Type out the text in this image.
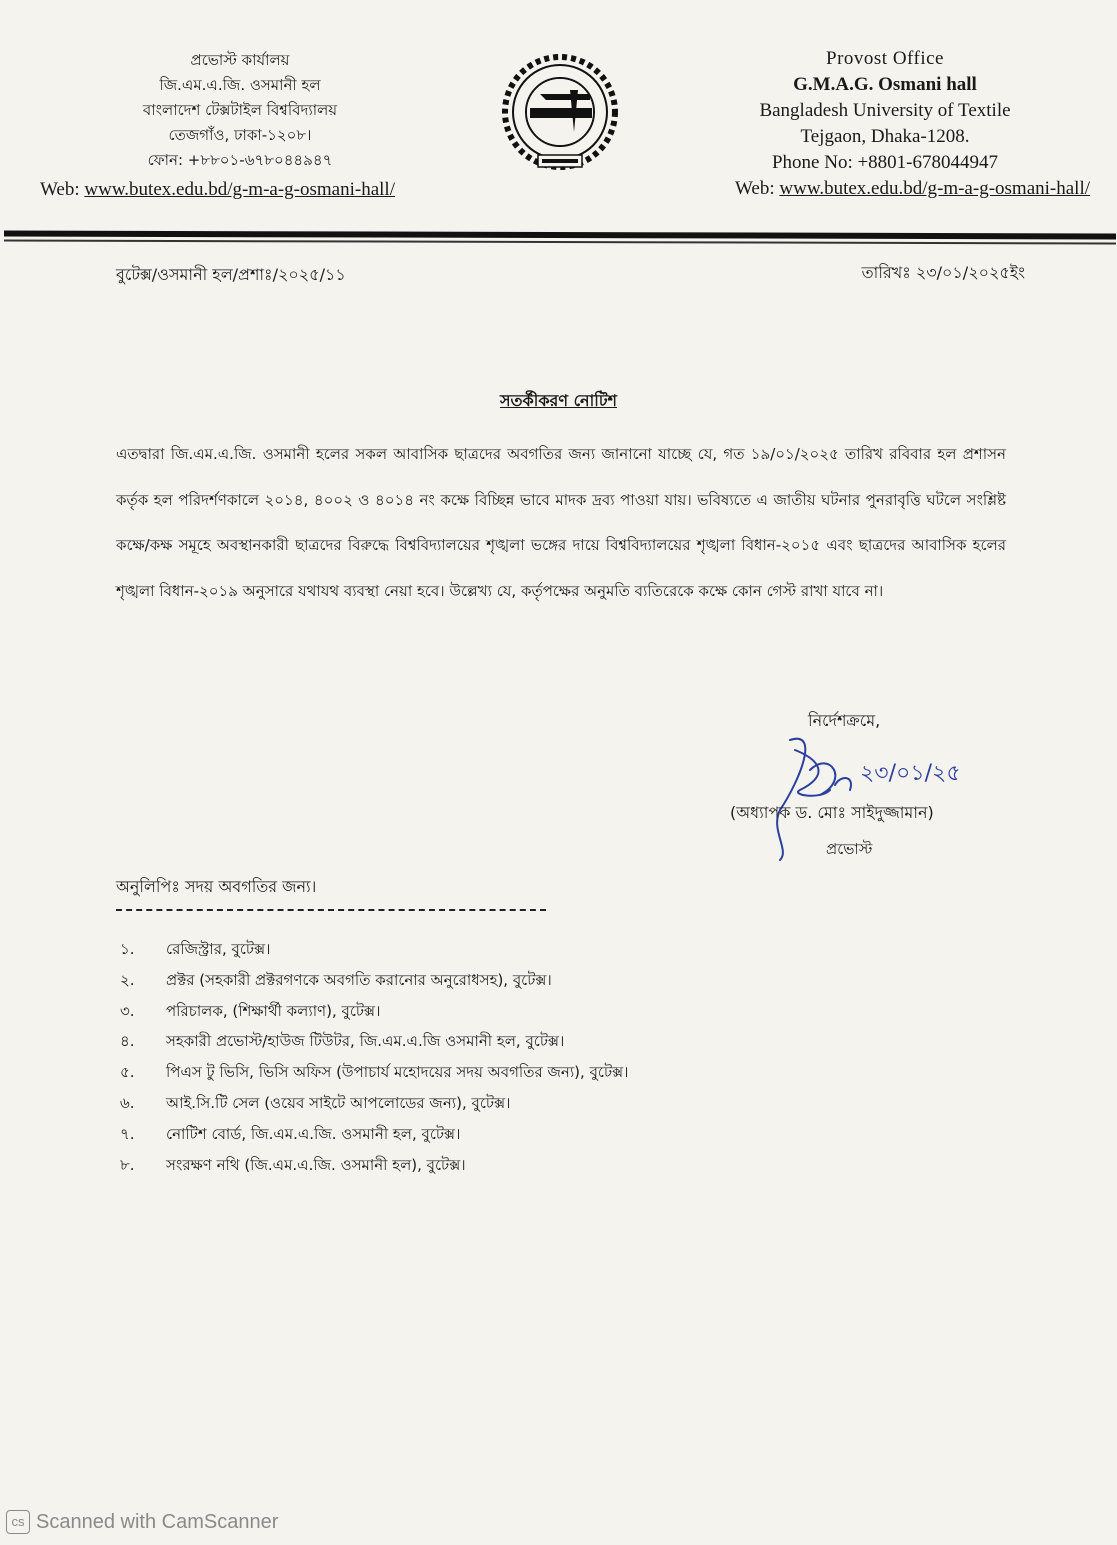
প্রভোস্ট কার্যালয়
জি.এম.এ.জি. ওসমানী হল
বাংলাদেশ টেক্সটাইল বিশ্ববিদ্যালয়
তেজগাঁও, ঢাকা-১২০৮।
ফোন: +৮৮০১-৬৭৮০৪৪৯৪৭
Web: www.butex.edu.bd/g-m-a-g-osmani-hall/
Provost Office
G.M.A.G. Osmani hall
Bangladesh University of Textile
Tejgaon, Dhaka-1208.
Phone No: +8801-678044947
Web: www.butex.edu.bd/g-m-a-g-osmani-hall/
বুটেক্স/ওসমানী হল/প্রশাঃ/২০২৫/১১	তারিখঃ ২৩/০১/২০২৫ইং
সতর্কীকরণ নোটিশ
এতদ্বারা জি.এম.এ.জি. ওসমানী হলের সকল আবাসিক ছাত্রদের অবগতির জন্য জানানো যাচ্ছে যে, গত ১৯/০১/২০২৫ তারিখ রবিবার হল প্রশাসন কর্তৃক হল পরিদর্শণকালে ২০১৪, ৪০০২ ও ৪০১৪ নং কক্ষে বিচ্ছিন্ন ভাবে মাদক দ্রব্য পাওয়া যায়। ভবিষ্যতে এ জাতীয় ঘটনার পুনরাবৃত্তি ঘটলে সংশ্লিষ্ট কক্ষে/কক্ষ সমূহে অবস্থানকারী ছাত্রদের বিরুদ্ধে বিশ্ববিদ্যালয়ের শৃঙ্খলা ভঙ্গের দায়ে বিশ্ববিদ্যালয়ের শৃঙ্খলা বিধান-২০১৫ এবং ছাত্রদের আবাসিক হলের শৃঙ্খলা বিধান-২০১৯ অনুসারে যথাযথ ব্যবস্থা নেয়া হবে। উল্লেখ্য যে, কর্তৃপক্ষের অনুমতি ব্যতিরেকে কক্ষে কোন গেস্ট রাখা যাবে না।
নির্দেশক্রমে,
২৩/০১/২৫
(অধ্যাপক ড. মোঃ সাইদুজ্জামান)
প্রভোস্ট
অনুলিপিঃ সদয় অবগতির জন্য।
১. রেজিস্ট্রার, বুটেক্স।
২. প্রক্টর (সহকারী প্রক্টরগণকে অবগতি করানোর অনুরোধসহ), বুটেক্স।
৩. পরিচালক, (শিক্ষার্থী কল্যাণ), বুটেক্স।
৪. সহকারী প্রভোস্ট/হাউজ টিউটর, জি.এম.এ.জি ওসমানী হল, বুটেক্স।
৫. পিএস টু ভিসি, ভিসি অফিস (উপাচার্য মহোদয়ের সদয় অবগতির জন্য), বুটেক্স।
৬. আই.সি.টি সেল (ওয়েব সাইটে আপলোডের জন্য), বুটেক্স।
৭. নোটিশ বোর্ড, জি.এম.এ.জি. ওসমানী হল, বুটেক্স।
৮. সংরক্ষণ নথি (জি.এম.এ.জি. ওসমানী হল), বুটেক্স।
cs Scanned with CamScanner
